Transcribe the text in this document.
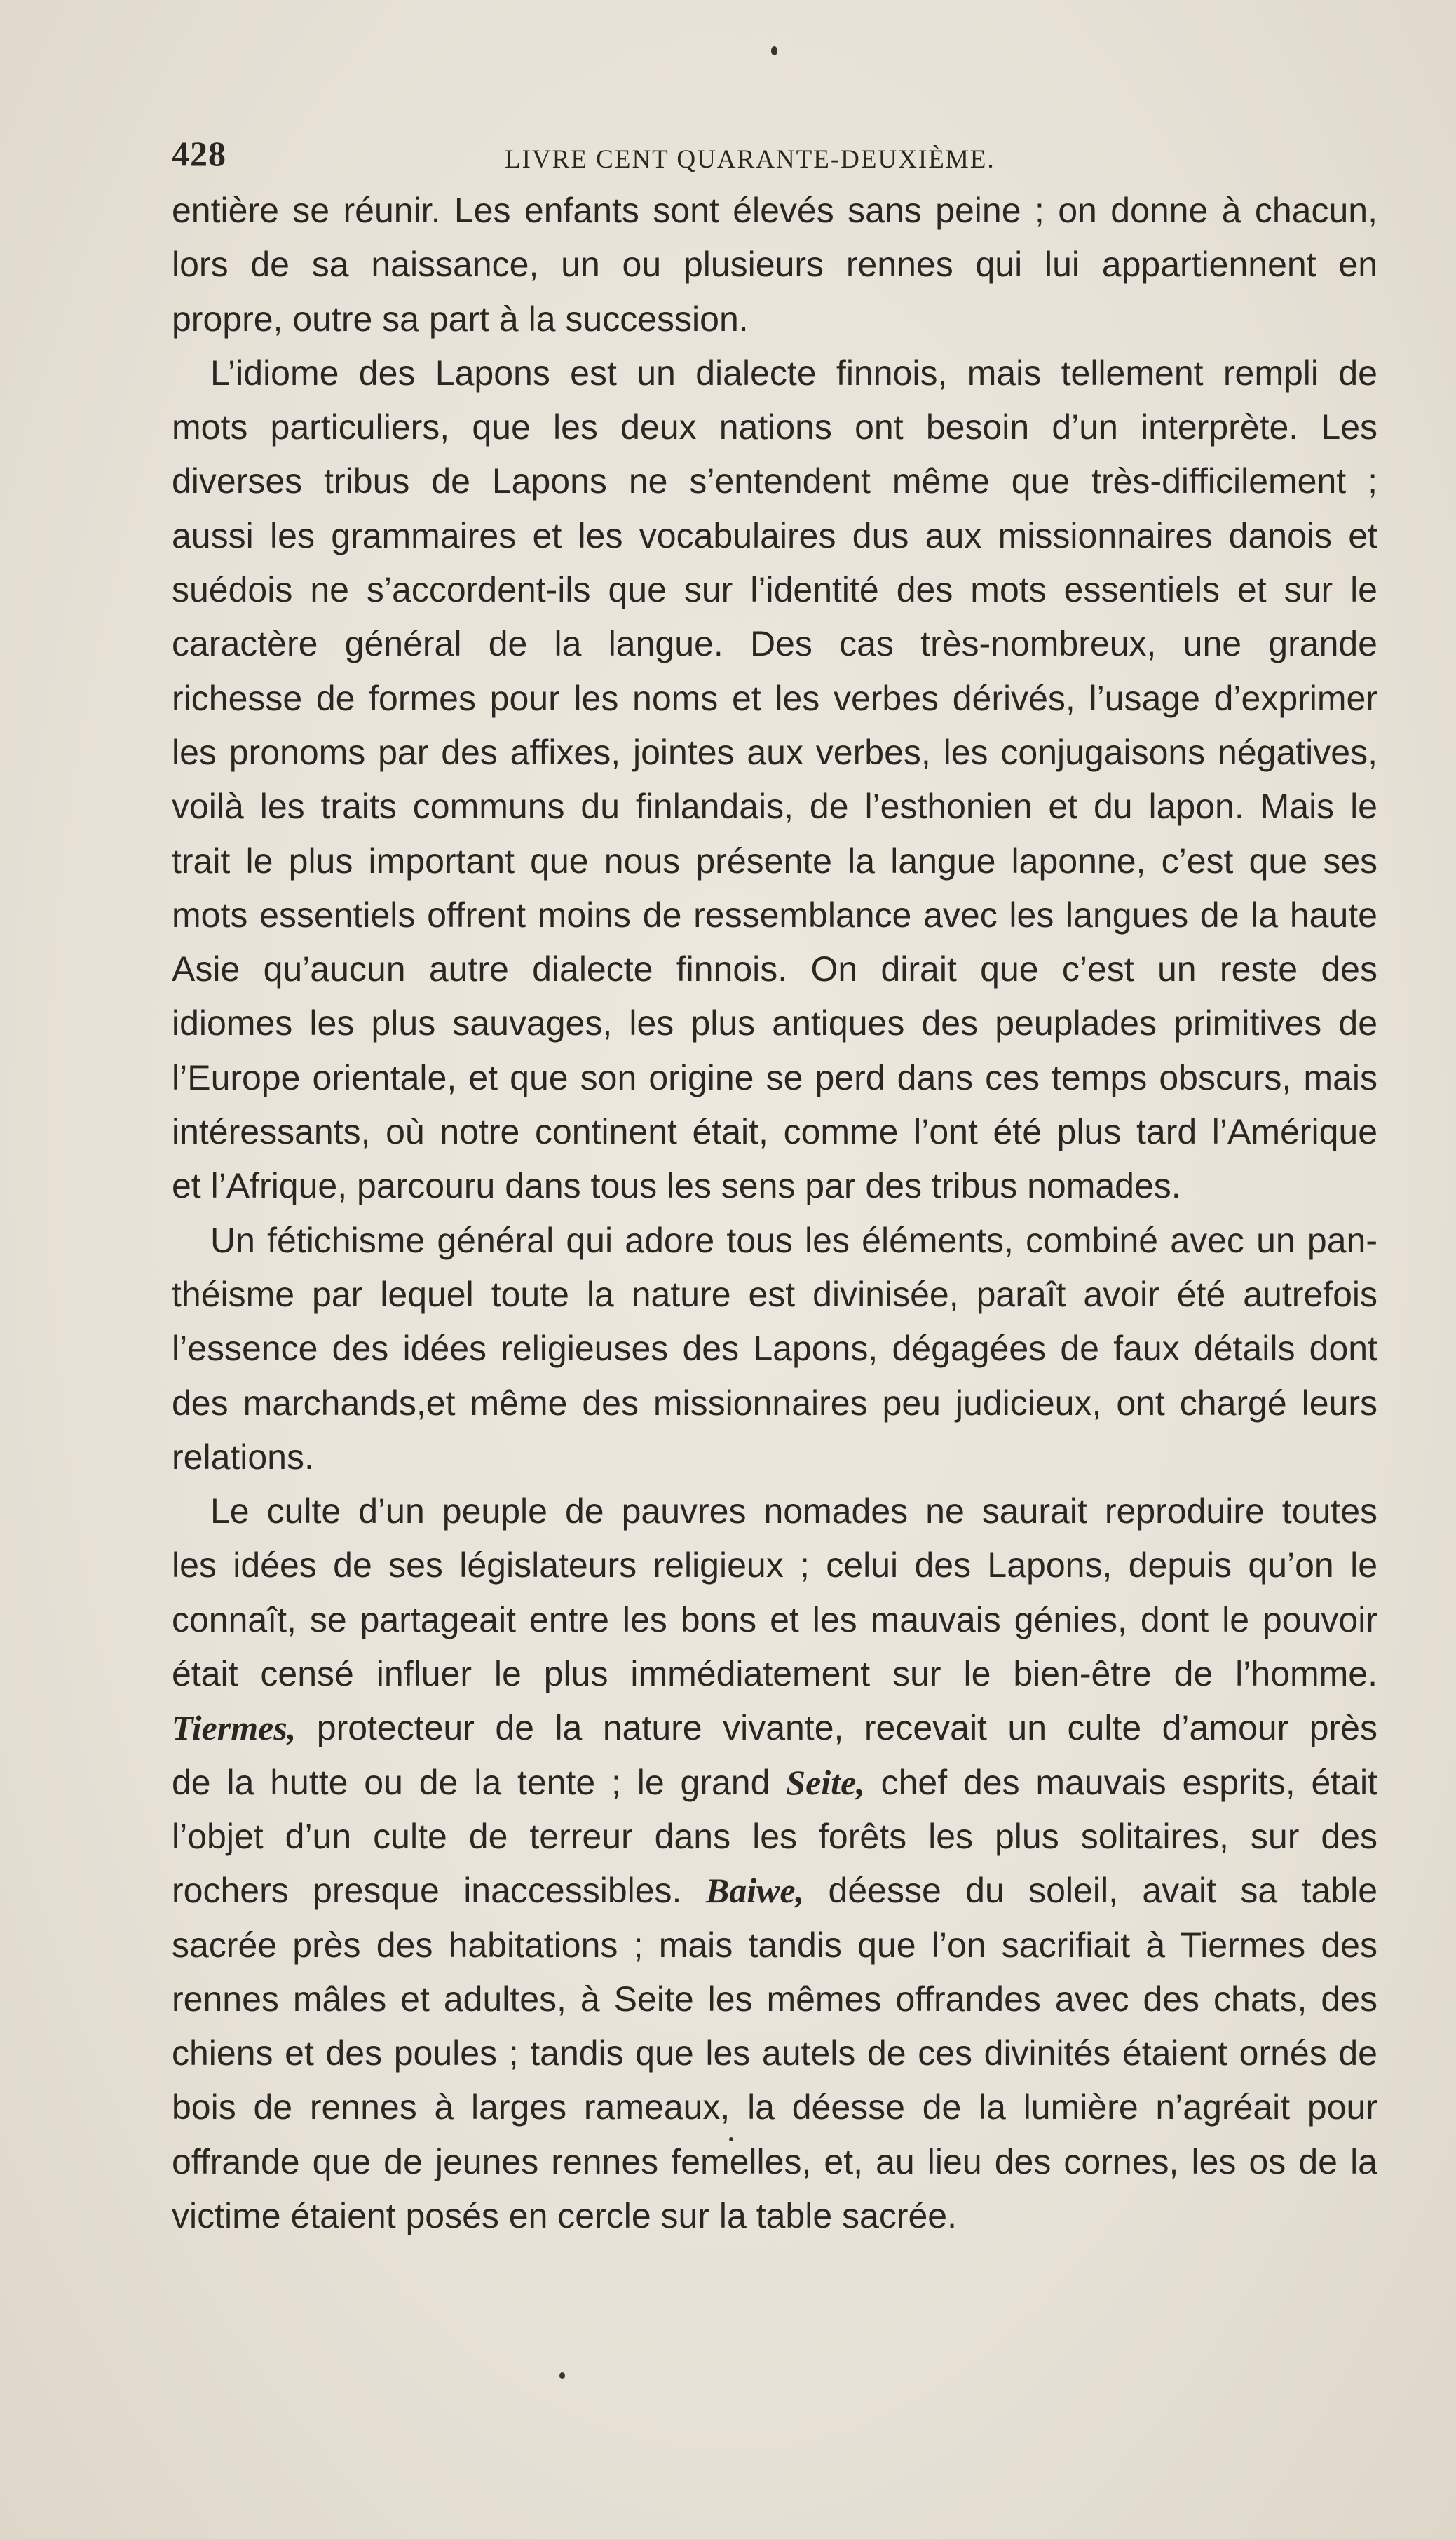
428	LIVRE CENT QUARANTE-DEUXIÈME.

entière se réunir. Les enfants sont élevés sans peine ; on donne à chacun,
lors de sa naissance, un ou plusieurs rennes qui lui appartiennent en
propre, outre sa part à la succession.

L’idiome des Lapons est un dialecte finnois, mais tellement rempli de
mots particuliers, que les deux nations ont besoin d’un interprète. Les
diverses tribus de Lapons ne s’entendent même que très-difficilement ;
aussi les grammaires et les vocabulaires dus aux missionnaires danois et
suédois ne s’accordent-ils que sur l’identité des mots essentiels et sur le
caractère général de la langue. Des cas très-nombreux, une grande
richesse de formes pour les noms et les verbes dérivés, l’usage d’exprimer
les pronoms par des affixes, jointes aux verbes, les conjugaisons négatives,
voilà les traits communs du finlandais, de l’esthonien et du lapon. Mais le
trait le plus important que nous présente la langue laponne, c’est que ses
mots essentiels offrent moins de ressemblance avec les langues de la haute
Asie qu’aucun autre dialecte finnois. On dirait que c’est un reste des
idiomes les plus sauvages, les plus antiques des peuplades primitives de
l’Europe orientale, et que son origine se perd dans ces temps obscurs, mais
intéressants, où notre continent était, comme l’ont été plus tard l’Amérique
et l’Afrique, parcouru dans tous les sens par des tribus nomades.

Un fétichisme général qui adore tous les éléments, combiné avec un pan-
théisme par lequel toute la nature est divinisée, paraît avoir été autrefois
l’essence des idées religieuses des Lapons, dégagées de faux détails dont
des marchands,et même des missionnaires peu judicieux, ont chargé leurs
relations.

Le culte d’un peuple de pauvres nomades ne saurait reproduire toutes
les idées de ses législateurs religieux ; celui des Lapons, depuis qu’on le
connaît, se partageait entre les bons et les mauvais génies, dont le pouvoir
était censé influer le plus immédiatement sur le bien-être de l’homme.
Tiermes, protecteur de la nature vivante, recevait un culte d’amour près
de la hutte ou de la tente ; le grand Seite, chef des mauvais esprits, était
l’objet d’un culte de terreur dans les forêts les plus solitaires, sur des
rochers presque inaccessibles. Baiwe, déesse du soleil, avait sa table
sacrée près des habitations ; mais tandis que l’on sacrifiait à Tiermes des
rennes mâles et adultes, à Seite les mêmes offrandes avec des chats, des
chiens et des poules ; tandis que les autels de ces divinités étaient ornés de
bois de rennes à larges rameaux, la déesse de la lumière n’agréait pour
offrande que de jeunes rennes femelles, et, au lieu des cornes, les os de la
victime étaient posés en cercle sur la table sacrée.
